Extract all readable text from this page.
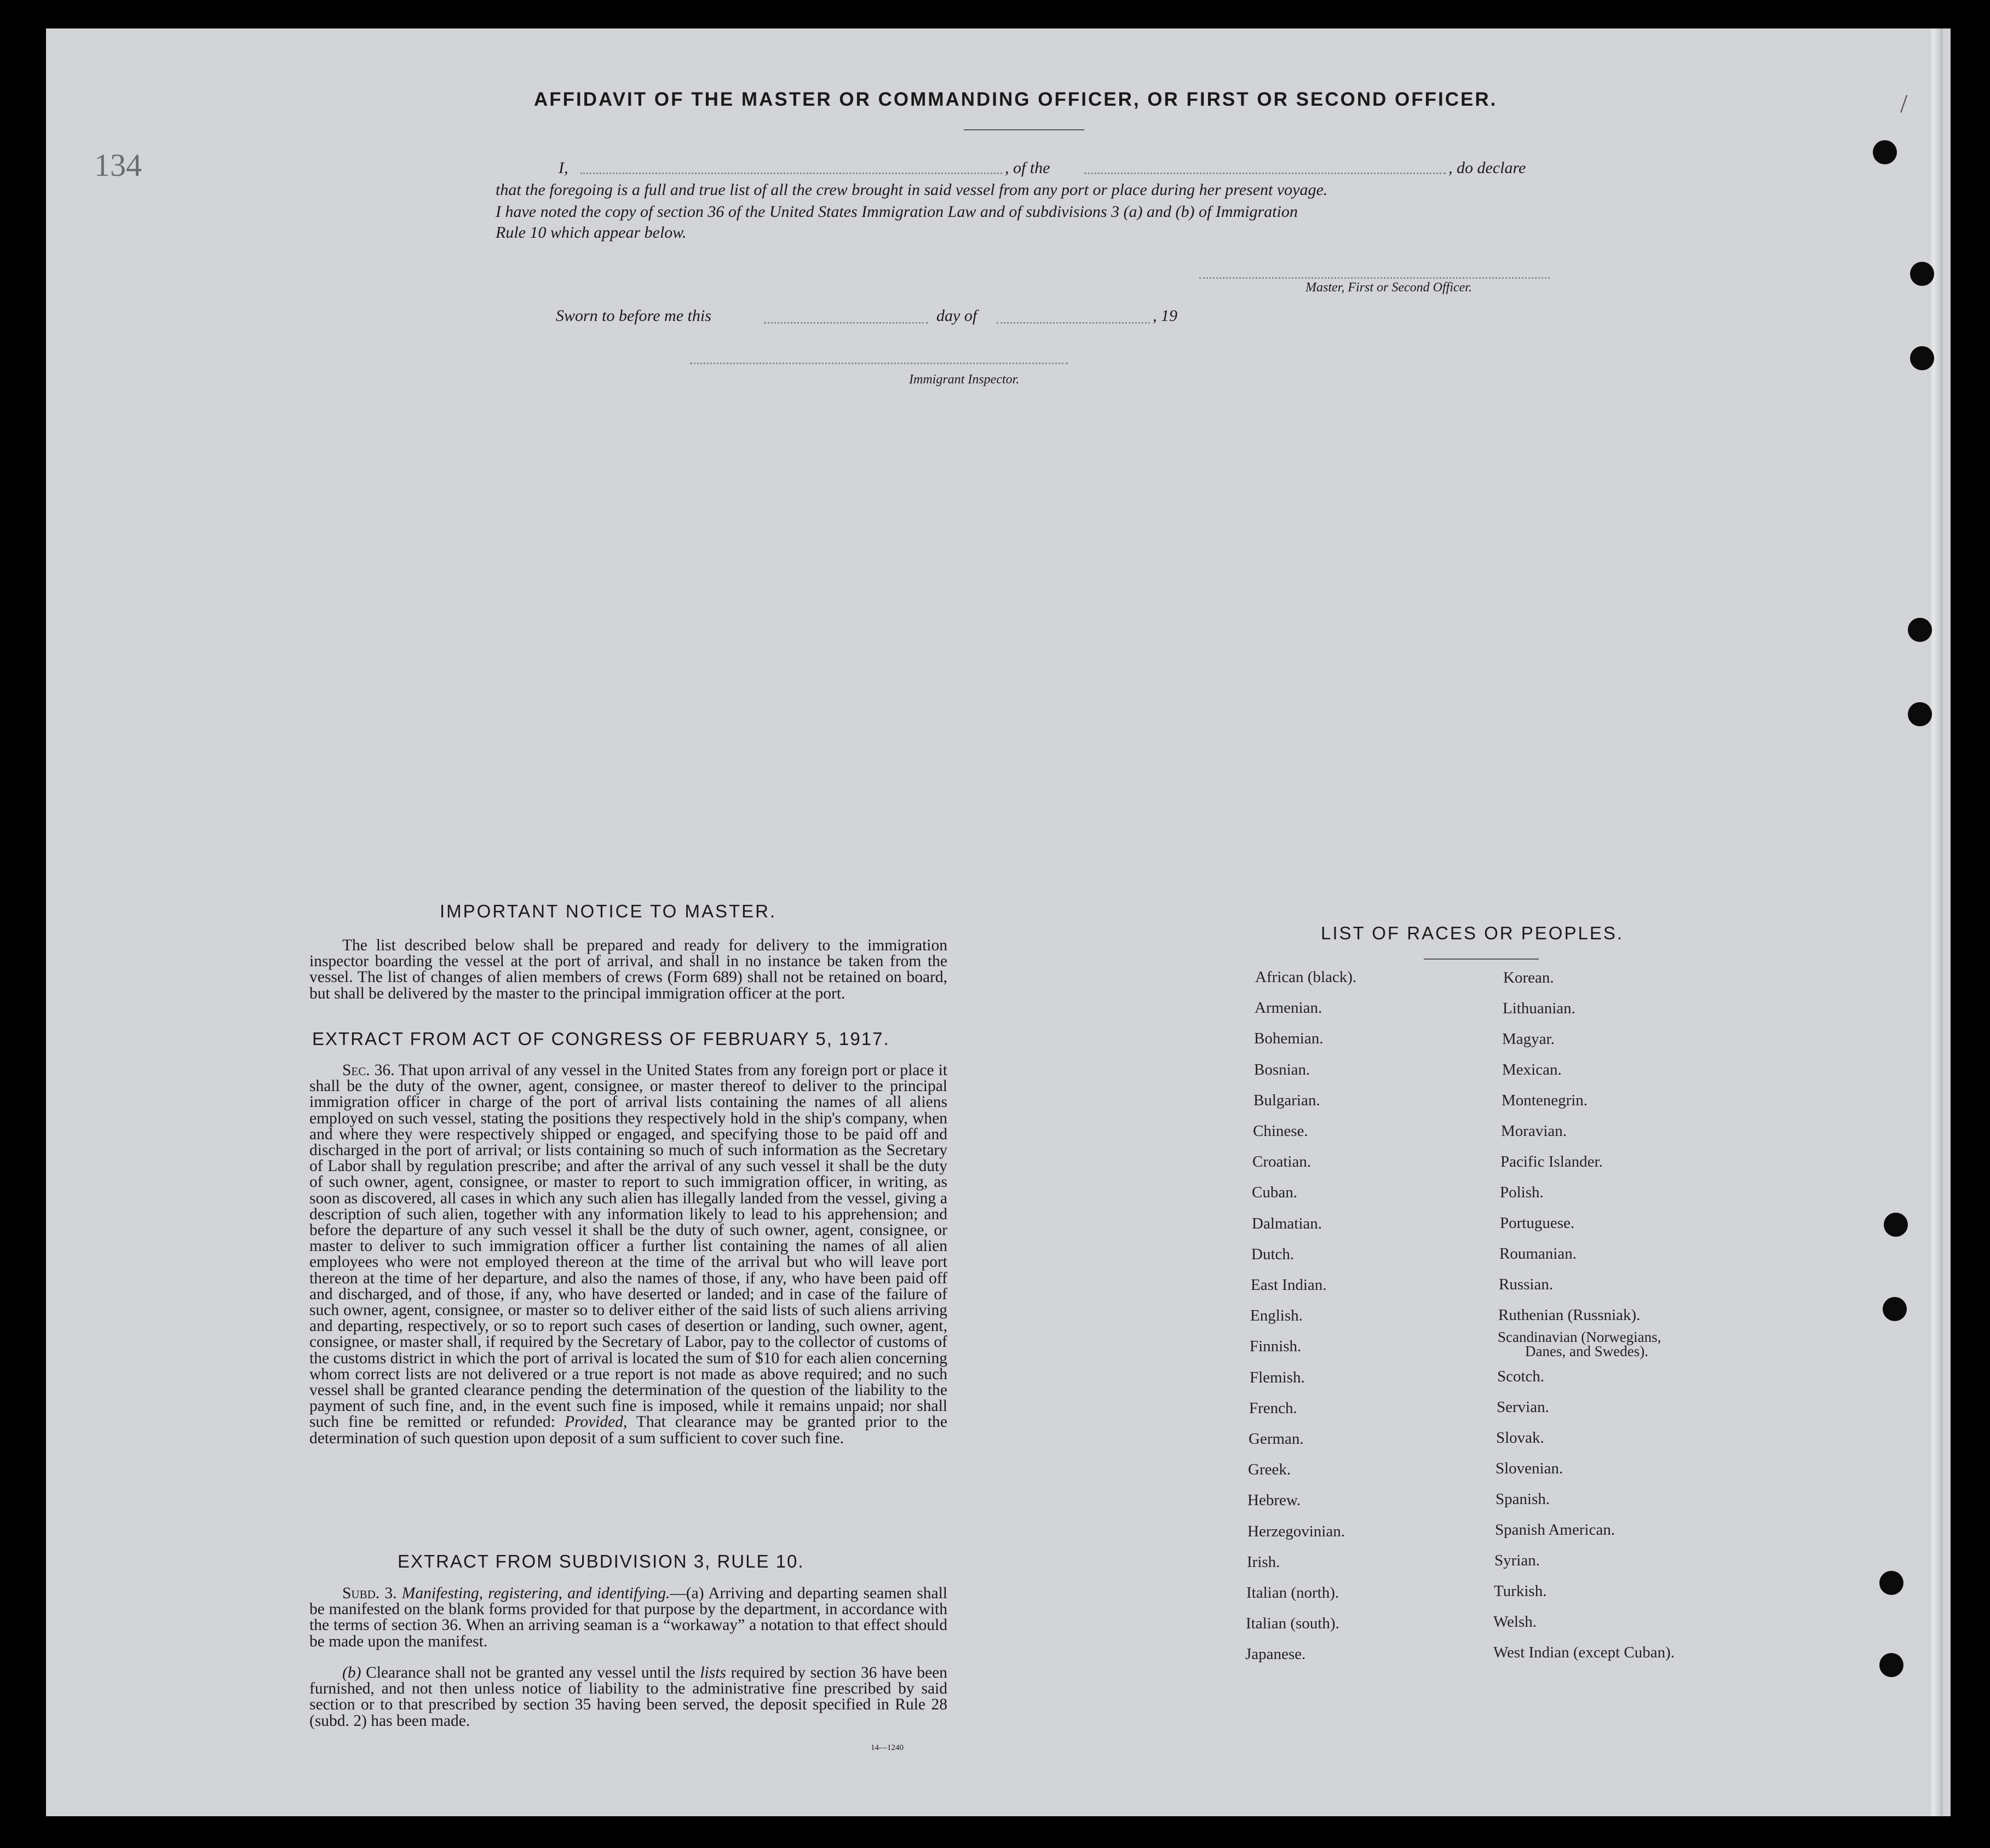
134
/
AFFIDAVIT OF THE MASTER OR COMMANDING OFFICER, OR FIRST OR SECOND OFFICER.
I,	, of the	, do declare
that the foregoing is a full and true list of all the crew brought in said vessel from any port or place during her present voyage.
I have noted the copy of section 36 of the United States Immigration Law and of subdivisions 3 (a) and (b) of Immigration
Rule 10 which appear below.
Master, First or Second Officer.
Sworn to before me this	day of	, 19
Immigrant Inspector.
IMPORTANT NOTICE TO MASTER.
The list described below shall be prepared and ready for delivery to the immigration inspector boarding the vessel at the port of arrival, and shall in no instance be taken from the vessel. The list of changes of alien members of crews (Form 689) shall not be retained on board, but shall be delivered by the master to the principal immigration officer at the port.
EXTRACT FROM ACT OF CONGRESS OF FEBRUARY 5, 1917.
Sec. 36. That upon arrival of any vessel in the United States from any foreign port or place it shall be the duty of the owner, agent, consignee, or master thereof to deliver to the principal immigration officer in charge of the port of arrival lists containing the names of all aliens employed on such vessel, stating the positions they respectively hold in the ship's company, when and where they were respectively shipped or engaged, and specifying those to be paid off and discharged in the port of arrival; or lists containing so much of such information as the Secretary of Labor shall by regulation prescribe; and after the arrival of any such vessel it shall be the duty of such owner, agent, consignee, or master to report to such immigration officer, in writing, as soon as discovered, all cases in which any such alien has illegally landed from the vessel, giving a description of such alien, together with any information likely to lead to his apprehension; and before the departure of any such vessel it shall be the duty of such owner, agent, consignee, or master to deliver to such immigration officer a further list containing the names of all alien employees who were not employed thereon at the time of the arrival but who will leave port thereon at the time of her departure, and also the names of those, if any, who have been paid off and discharged, and of those, if any, who have deserted or landed; and in case of the failure of such owner, agent, consignee, or master so to deliver either of the said lists of such aliens arriving and departing, respectively, or so to report such cases of desertion or landing, such owner, agent, consignee, or master shall, if required by the Secretary of Labor, pay to the collector of customs of the customs district in which the port of arrival is located the sum of $10 for each alien concerning whom correct lists are not delivered or a true report is not made as above required; and no such vessel shall be granted clearance pending the determination of the question of the liability to the payment of such fine, and, in the event such fine is imposed, while it remains unpaid; nor shall such fine be remitted or refunded: Provided, That clearance may be granted prior to the determination of such question upon deposit of a sum sufficient to cover such fine.
EXTRACT FROM SUBDIVISION 3, RULE 10.
Subd. 3. Manifesting, registering, and identifying.—(a) Arriving and departing seamen shall be manifested on the blank forms provided for that purpose by the department, in accordance with the terms of section 36. When an arriving seaman is a “workaway” a notation to that effect should be made upon the manifest.
(b) Clearance shall not be granted any vessel until the lists required by section 36 have been furnished, and not then unless notice of liability to the administrative fine prescribed by said section or to that prescribed by section 35 having been served, the deposit specified in Rule 28 (subd. 2) has been made.
14—1240
LIST OF RACES OR PEOPLES.
African (black).
Armenian.
Bohemian.
Bosnian.
Bulgarian.
Chinese.
Croatian.
Cuban.
Dalmatian.
Dutch.
East Indian.
English.
Finnish.
Flemish.
French.
German.
Greek.
Hebrew.
Herzegovinian.
Irish.
Italian (north).
Italian (south).
Japanese.
Korean.
Lithuanian.
Magyar.
Mexican.
Montenegrin.
Moravian.
Pacific Islander.
Polish.
Portuguese.
Roumanian.
Russian.
Ruthenian (Russniak).
Scandinavian (Norwegians,
Danes, and Swedes).
Scotch.
Servian.
Slovak.
Slovenian.
Spanish.
Spanish American.
Syrian.
Turkish.
Welsh.
West Indian (except Cuban).
